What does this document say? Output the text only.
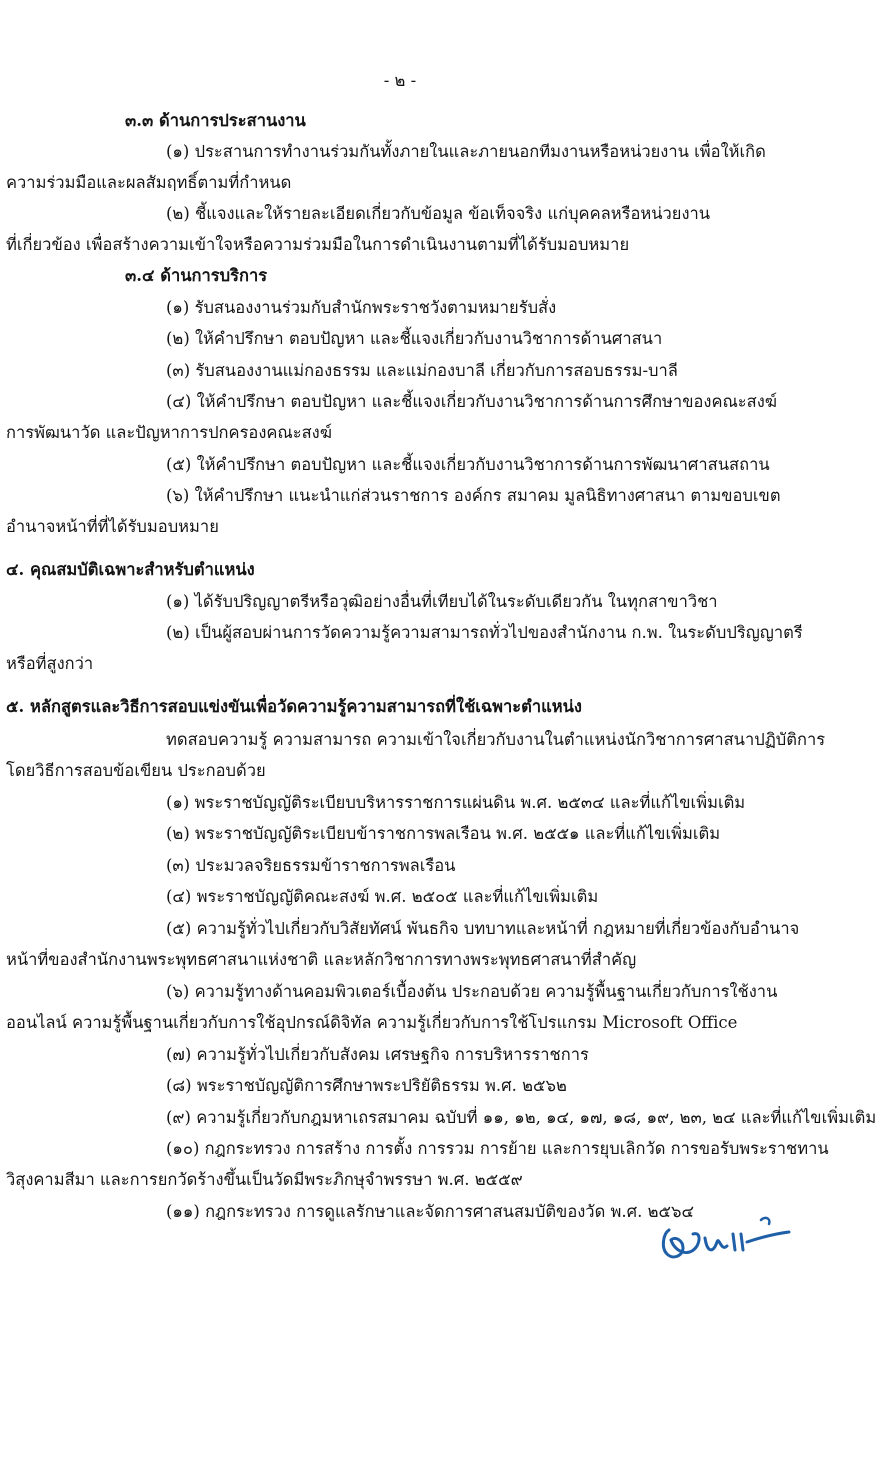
- ๒ -
๓.๓ ด้านการประสานงาน
(๑) ประสานการทำงานร่วมกันทั้งภายในและภายนอกทีมงานหรือหน่วยงาน เพื่อให้เกิด
ความร่วมมือและผลสัมฤทธิ์ตามที่กำหนด
(๒) ชี้แจงและให้รายละเอียดเกี่ยวกับข้อมูล ข้อเท็จจริง แก่บุคคลหรือหน่วยงาน
ที่เกี่ยวข้อง เพื่อสร้างความเข้าใจหรือความร่วมมือในการดำเนินงานตามที่ได้รับมอบหมาย
๓.๔ ด้านการบริการ
(๑) รับสนองงานร่วมกับสำนักพระราชวังตามหมายรับสั่ง
(๒) ให้คำปรึกษา ตอบปัญหา และชี้แจงเกี่ยวกับงานวิชาการด้านศาสนา
(๓) รับสนองงานแม่กองธรรม และแม่กองบาลี เกี่ยวกับการสอบธรรม-บาลี
(๔) ให้คำปรึกษา ตอบปัญหา และชี้แจงเกี่ยวกับงานวิชาการด้านการศึกษาของคณะสงฆ์
การพัฒนาวัด และปัญหาการปกครองคณะสงฆ์
(๕) ให้คำปรึกษา ตอบปัญหา และชี้แจงเกี่ยวกับงานวิชาการด้านการพัฒนาศาสนสถาน
(๖) ให้คำปรึกษา แนะนำแก่ส่วนราชการ องค์กร สมาคม มูลนิธิทางศาสนา ตามขอบเขต
อำนาจหน้าที่ที่ได้รับมอบหมาย
๔. คุณสมบัติเฉพาะสำหรับตำแหน่ง
(๑) ได้รับปริญญาตรีหรือวุฒิอย่างอื่นที่เทียบได้ในระดับเดียวกัน ในทุกสาขาวิชา
(๒) เป็นผู้สอบผ่านการวัดความรู้ความสามารถทั่วไปของสำนักงาน ก.พ. ในระดับปริญญาตรี
หรือที่สูงกว่า
๕. หลักสูตรและวิธีการสอบแข่งขันเพื่อวัดความรู้ความสามารถที่ใช้เฉพาะตำแหน่ง
ทดสอบความรู้ ความสามารถ ความเข้าใจเกี่ยวกับงานในตำแหน่งนักวิชาการศาสนาปฏิบัติการ
โดยวิธีการสอบข้อเขียน ประกอบด้วย
(๑) พระราชบัญญัติระเบียบบริหารราชการแผ่นดิน พ.ศ. ๒๕๓๔ และที่แก้ไขเพิ่มเติม
(๒) พระราชบัญญัติระเบียบข้าราชการพลเรือน พ.ศ. ๒๕๕๑ และที่แก้ไขเพิ่มเติม
(๓) ประมวลจริยธรรมข้าราชการพลเรือน
(๔) พระราชบัญญัติคณะสงฆ์ พ.ศ. ๒๕๐๕ และที่แก้ไขเพิ่มเติม
(๕) ความรู้ทั่วไปเกี่ยวกับวิสัยทัศน์ พันธกิจ บทบาทและหน้าที่ กฎหมายที่เกี่ยวข้องกับอำนาจ
หน้าที่ของสำนักงานพระพุทธศาสนาแห่งชาติ และหลักวิชาการทางพระพุทธศาสนาที่สำคัญ
(๖) ความรู้ทางด้านคอมพิวเตอร์เบื้องต้น ประกอบด้วย ความรู้พื้นฐานเกี่ยวกับการใช้งาน
ออนไลน์ ความรู้พื้นฐานเกี่ยวกับการใช้อุปกรณ์ดิจิทัล ความรู้เกี่ยวกับการใช้โปรแกรม Microsoft Office
(๗) ความรู้ทั่วไปเกี่ยวกับสังคม เศรษฐกิจ การบริหารราชการ
(๘) พระราชบัญญัติการศึกษาพระปริยัติธรรม พ.ศ. ๒๕๖๒
(๙) ความรู้เกี่ยวกับกฎมหาเถรสมาคม ฉบับที่ ๑๑, ๑๒, ๑๔, ๑๗, ๑๘, ๑๙, ๒๓, ๒๔ และที่แก้ไขเพิ่มเติม
(๑๐) กฎกระทรวง การสร้าง การตั้ง การรวม การย้าย และการยุบเลิกวัด การขอรับพระราชทาน
วิสุงคามสีมา และการยกวัดร้างขึ้นเป็นวัดมีพระภิกษุจำพรรษา พ.ศ. ๒๕๕๙
(๑๑) กฎกระทรวง การดูแลรักษาและจัดการศาสนสมบัติของวัด พ.ศ. ๒๕๖๔
